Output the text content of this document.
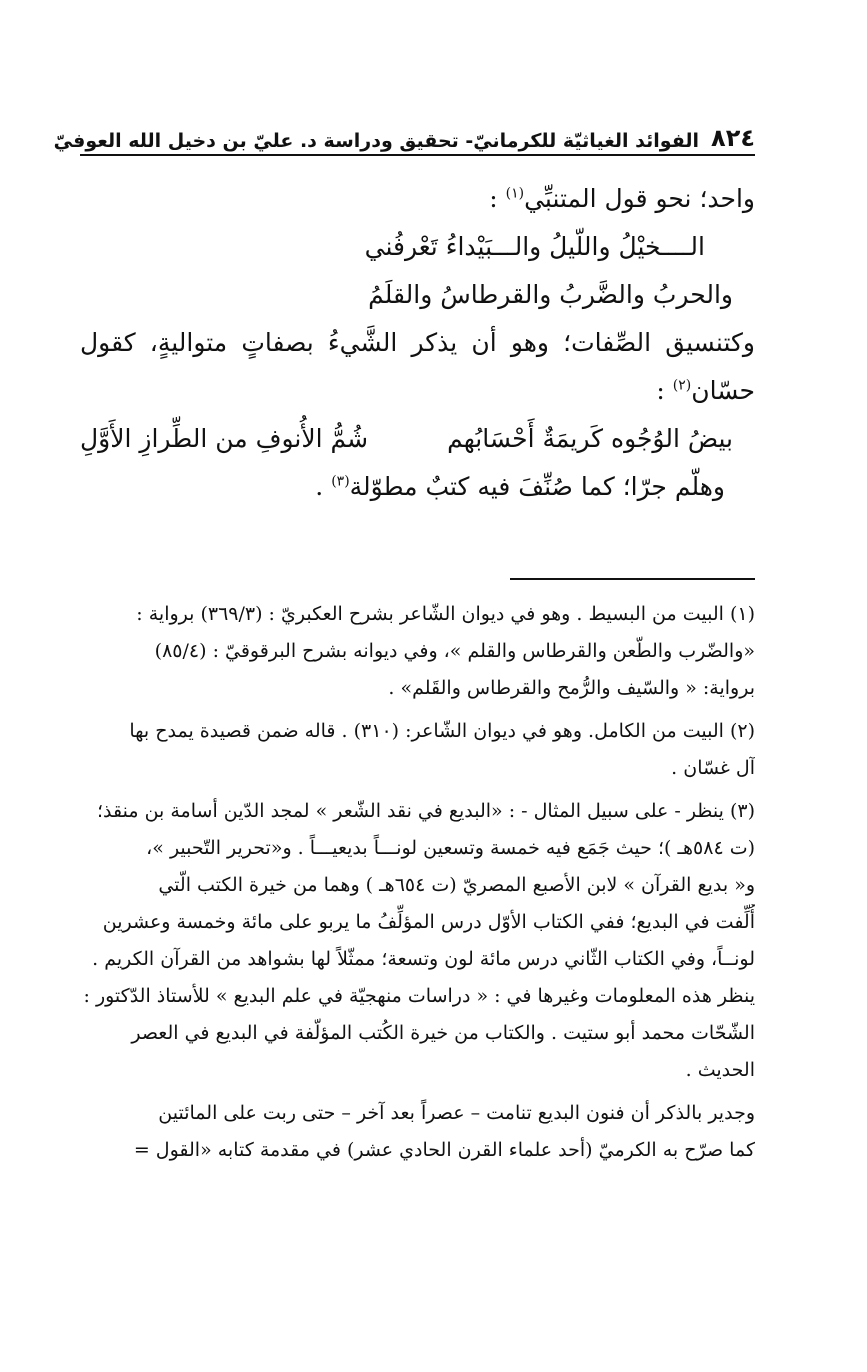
٨٢٤
الفوائد الغياثيّة للكرمانيّ- تحقيق ودراسة د. عليّ بن دخيل الله العوفيّ
واحد؛ نحو قول المتنبِّي$^{(١)}$ :
الــــخيْلُ واللّيلُ والـــبَيْداءُ تَعْرفُني
والحربُ والضَّربُ والقرطاسُ والقلَمُ
وكتنسيق الصِّفات؛ وهو أن يذكر الشَّيءُ بصفاتٍ متواليةٍ، كقول
حسّان$^{(٢)}$ :
بيضُ الوُجُوه كَريمَةٌ أَحْسَابُهم
شُمُّ الأُنوفِ من الطِّرازِ الأَوَّلِ
وهلّم جرّا؛ كما صُنِّفَ فيه كتبٌ مطوّلة$^{(٣)}$ .
(١) البيت من البسيط . وهو في ديوان الشّاعر بشرح العكبريّ : (٣٦٩/٣) برواية :
«والضّرب والطّعن والقرطاس والقلم »، وفي ديوانه بشرح البرقوقيّ : (٨٥/٤)
برواية: « والسّيف والرُّمح والقرطاس والقَلم» .
(٢) البيت من الكامل. وهو في ديوان الشّاعر: (٣١٠) . قاله ضمن قصيدة يمدح بها
آل غسّان .
(٣) ينظر - على سبيل المثال - : «البديع في نقد الشّعر » لمجد الدّين أسامة بن منقذ؛
(ت ٥٨٤هـ )؛ حيث جَمَع فيه خمسة وتسعين لونـــاً بديعيـــاً . و«تحرير التّحبير »،
و« بديع القرآن » لابن الأصبع المصريّ (ت ٦٥٤هـ ) وهما من خيرة الكتب الّتي
أُلِّفت في البديع؛ ففي الكتاب الأوّل درس المؤلِّفُ ما يربو على مائة وخمسة وعشرين
لونــاً، وفي الكتاب الثّاني درس مائة لون وتسعة؛ ممثّلاً لها بشواهد من القرآن الكريم .
ينظر هذه المعلومات وغيرها في : « دراسات منهجيّة في علم البديع » للأستاذ الدّكتور :
الشّحّات محمد أبو ستيت . والكتاب من خيرة الكُتب المؤلّفة في البديع في العصر
الحديث .
وجدير بالذكر أن فنون البديع تنامت – عصراً بعد آخر – حتى ربت على المائتين
كما صرّح به الكرميّ (أحد علماء القرن الحادي عشر) في مقدمة كتابه «القول =
